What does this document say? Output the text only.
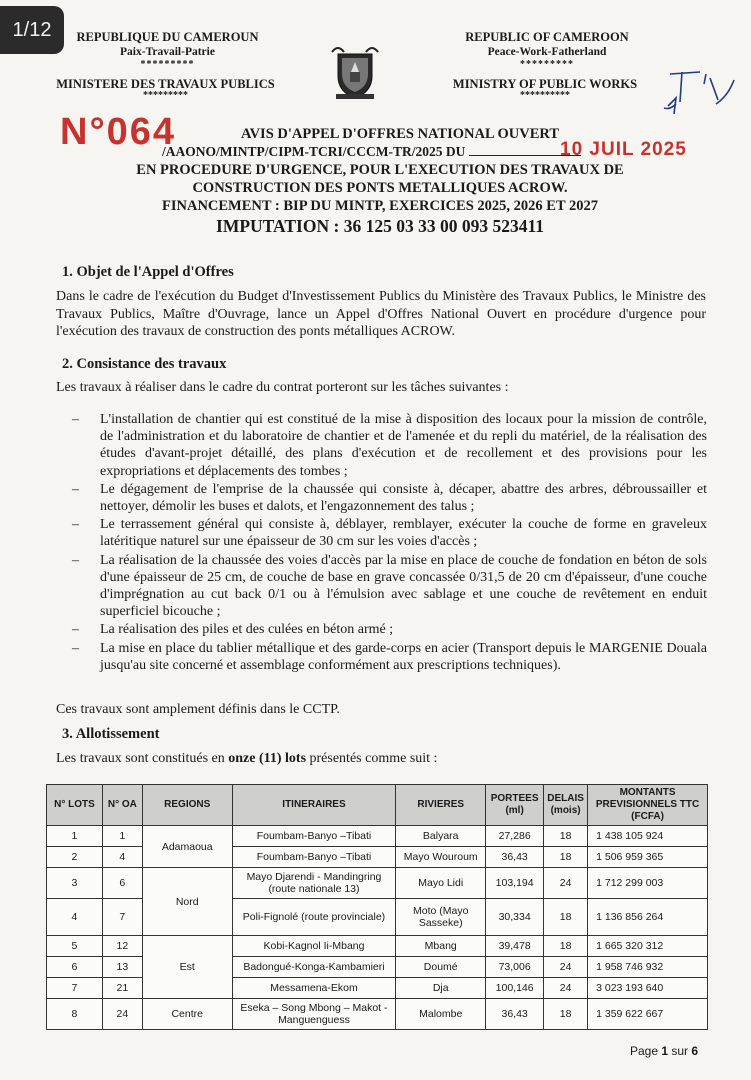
1/12	REPUBLIQUE DU CAMEROUN
Paix-Travail-Patrie
*********
MINISTERE DES TRAVAUX PUBLICS
*********
REPUBLIC OF CAMEROON
Peace-Work-Fatherland
*********
MINISTRY OF PUBLIC WORKS
**********
N°064	10 JUIL 2025
AVIS D'APPEL D'OFFRES NATIONAL OUVERT
/AAONO/MINTP/CIPM-TCRI/CCCM-TR/2025 DU
EN PROCEDURE D'URGENCE, POUR L'EXECUTION DES TRAVAUX DE
CONSTRUCTION DES PONTS METALLIQUES ACROW.
FINANCEMENT : BIP DU MINTP, EXERCICES 2025, 2026 ET 2027
IMPUTATION : 36 125 03 33 00 093 523411
1. Objet de l'Appel d'Offres
Dans le cadre de l'exécution du Budget d'Investissement Publics du Ministère des Travaux Publics, le Ministre des Travaux Publics, Maître d'Ouvrage, lance un Appel d'Offres National Ouvert en procédure d'urgence pour l'exécution des travaux de construction des ponts métalliques ACROW.
2. Consistance des travaux
Les travaux à réaliser dans le cadre du contrat porteront sur les tâches suivantes :
– L'installation de chantier qui est constitué de la mise à disposition des locaux pour la mission de contrôle, de l'administration et du laboratoire de chantier et de l'amenée et du repli du matériel, de la réalisation des études d'avant-projet détaillé, des plans d'exécution et de recollement et des provisions pour les expropriations et déplacements des tombes ;
– Le dégagement de l'emprise de la chaussée qui consiste à, décaper, abattre des arbres, débroussailler et nettoyer, démolir les buses et dalots, et l'engazonnement des talus ;
– Le terrassement général qui consiste à, déblayer, remblayer, exécuter la couche de forme en graveleux latéritique naturel sur une épaisseur de 30 cm sur les voies d'accès ;
– La réalisation de la chaussée des voies d'accès par la mise en place de couche de fondation en béton de sols d'une épaisseur de 25 cm, de couche de base en grave concassée 0/31,5 de 20 cm d'épaisseur, d'une couche d'imprégnation au cut back 0/1 ou à l'émulsion avec sablage et une couche de revêtement en enduit superficiel bicouche ;
– La réalisation des piles et des culées en béton armé ;
– La mise en place du tablier métallique et des garde-corps en acier (Transport depuis le MARGENIE Douala jusqu'au site concerné et assemblage conformément aux prescriptions techniques).
Ces travaux sont amplement définis dans le CCTP.
3. Allotissement
Les travaux sont constitués en onze (11) lots présentés comme suit :
N° LOTS	N° OA	REGIONS	ITINERAIRES	RIVIERES	PORTEES (ml)	DELAIS (mois)	MONTANTS PREVISIONNELS TTC (FCFA)
1	1	Adamaoua	Foumbam-Banyo –Tibati	Balyara	27,286	18	1 438 105 924
2	4		Foumbam-Banyo –Tibati	Mayo Wouroum	36,43	18	1 506 959 365
3	6	Nord	Mayo Djarendi - Mandingring (route nationale 13)	Mayo Lidi	103,194	24	1 712 299 003
4	7		Poli-Fignolé (route provinciale)	Moto (Mayo Sasseke)	30,334	18	1 136 856 264
5	12	Est	Kobi-Kagnol Ii-Mbang	Mbang	39,478	18	1 665 320 312
6	13		Badongué-Konga-Kambamieri	Doumé	73,006	24	1 958 746 932
7	21		Messamena-Ekom	Dja	100,146	24	3 023 193 640
8	24	Centre	Eseka – Song Mbong – Makot - Manguenguess	Malombe	36,43	18	1 359 622 667
Page 1 sur 6
